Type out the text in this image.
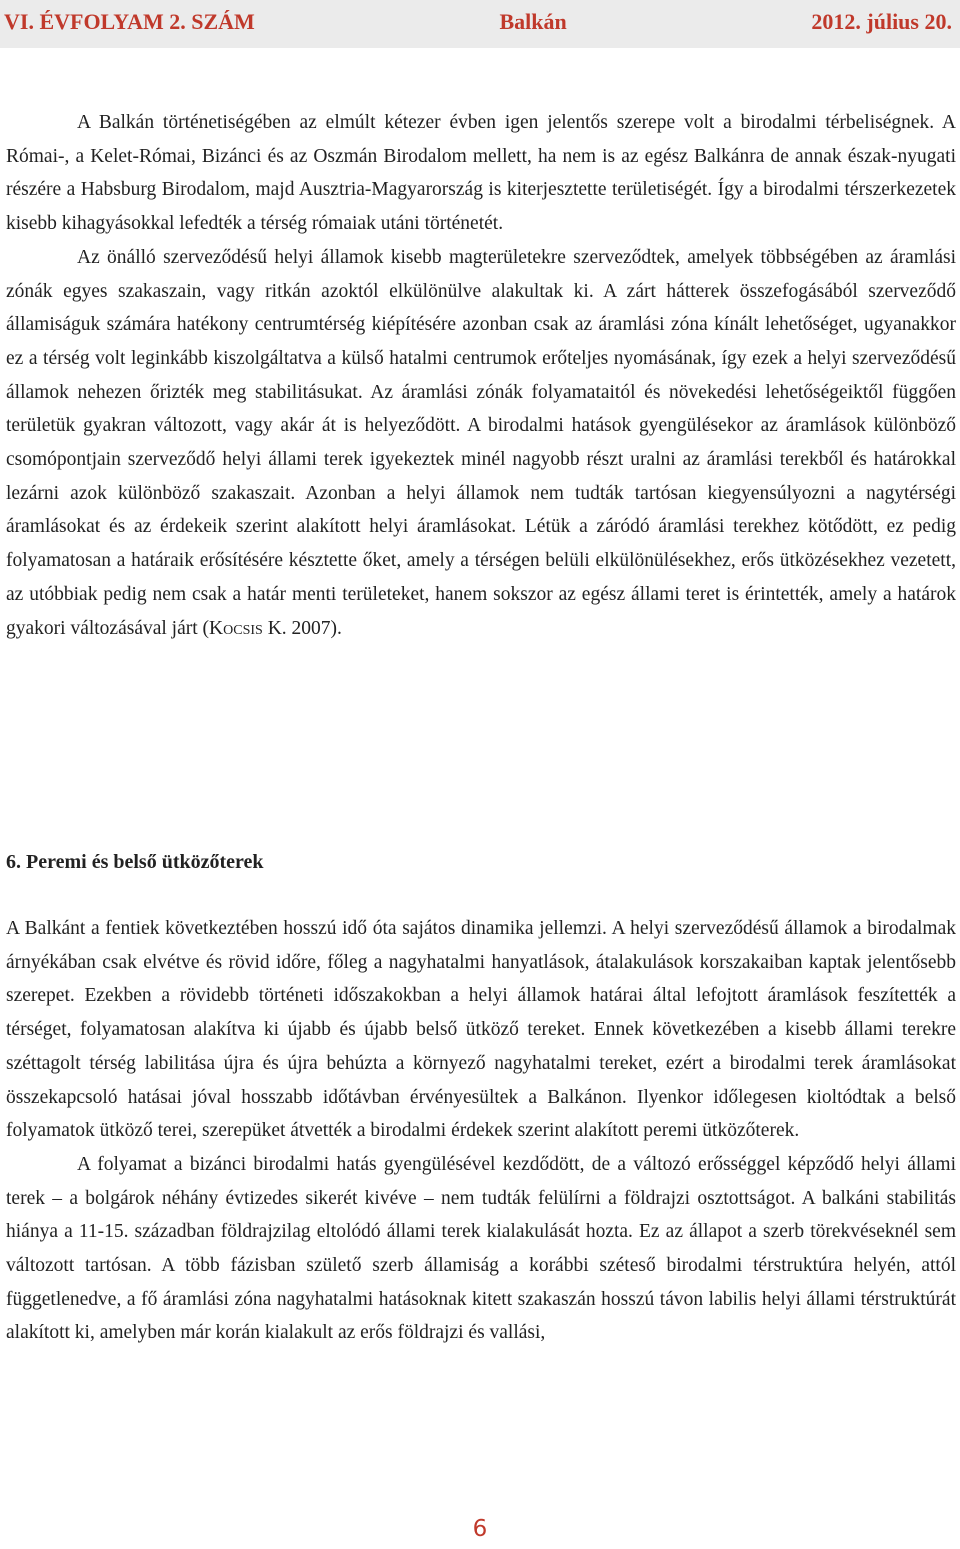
VI. ÉVFOLYAM 2. SZÁM	Balkán	2012. július 20.

A Balkán történetiségében az elmúlt kétezer évben igen jelentős szerepe volt a birodalmi térbeliségnek. A Római-, a Kelet-Római, Bizánci és az Oszmán Birodalom mellett, ha nem is az egész Balkánra de annak észak-nyugati részére a Habsburg Birodalom, majd Ausztria-Magyarország is kiterjesztette területiségét. Így a birodalmi térszerkezetek kisebb kihagyásokkal lefedték a térség rómaiak utáni történetét.

Az önálló szerveződésű helyi államok kisebb magterületekre szerveződtek, amelyek többségében az áramlási zónák egyes szakaszain, vagy ritkán azoktól elkülönülve alakultak ki. A zárt hátterek összefogásából szerveződő államiságuk számára hatékony centrumtérség kiépítésére azonban csak az áramlási zóna kínált lehetőséget, ugyanakkor ez a térség volt leginkább kiszolgáltatva a külső hatalmi centrumok erőteljes nyomásának, így ezek a helyi szerveződésű államok nehezen őrizték meg stabilitásukat. Az áramlási zónák folyamataitól és növekedési lehetőségeiktől függően területük gyakran változott, vagy akár át is helyeződött. A birodalmi hatások gyengülésekor az áramlások különböző csomópontjain szerveződő helyi állami terek igyekeztek minél nagyobb részt uralni az áramlási terekből és határokkal lezárni azok különböző szakaszait. Azonban a helyi államok nem tudták tartósan kiegyensúlyozni a nagytérségi áramlásokat és az érdekeik szerint alakított helyi áramlásokat. Létük a záródó áramlási terekhez kötődött, ez pedig folyamatosan a határaik erősítésére késztette őket, amely a térségen belüli elkülönülésekhez, erős ütközésekhez vezetett, az utóbbiak pedig nem csak a határ menti területeket, hanem sokszor az egész állami teret is érintették, amely a határok gyakori változásával járt (Kocsis K. 2007).

6. Peremi és belső ütközőterek

A Balkánt a fentiek következtében hosszú idő óta sajátos dinamika jellemzi. A helyi szerveződésű államok a birodalmak árnyékában csak elvétve és rövid időre, főleg a nagyhatalmi hanyatlások, átalakulások korszakaiban kaptak jelentősebb szerepet. Ezekben a rövidebb történeti időszakokban a helyi államok határai által lefojtott áramlások feszítették a térséget, folyamatosan alakítva ki újabb és újabb belső ütköző tereket. Ennek következében a kisebb állami terekre széttagolt térség labilitása újra és újra behúzta a környező nagyhatalmi tereket, ezért a birodalmi terek áramlásokat összekapcsoló hatásai jóval hosszabb időtávban érvényesültek a Balkánon. Ilyenkor időlegesen kioltódtak a belső folyamatok ütköző terei, szerepüket átvették a birodalmi érdekek szerint alakított peremi ütközőterek.

A folyamat a bizánci birodalmi hatás gyengülésével kezdődött, de a változó erősséggel képződő helyi állami terek – a bolgárok néhány évtizedes sikerét kivéve – nem tudták felülírni a földrajzi osztottságot. A balkáni stabilitás hiánya a 11-15. században földrajzilag eltolódó állami terek kialakulását hozta. Ez az állapot a szerb törekvéseknél sem változott tartósan. A több fázisban születő szerb államiság a korábbi széteső birodalmi térstruktúra helyén, attól függetlenedve, a fő áramlási zóna nagyhatalmi hatásoknak kitett szakaszán hosszú távon labilis helyi állami térstruktúrát alakított ki, amelyben már korán kialakult az erős földrajzi és vallási,

6
